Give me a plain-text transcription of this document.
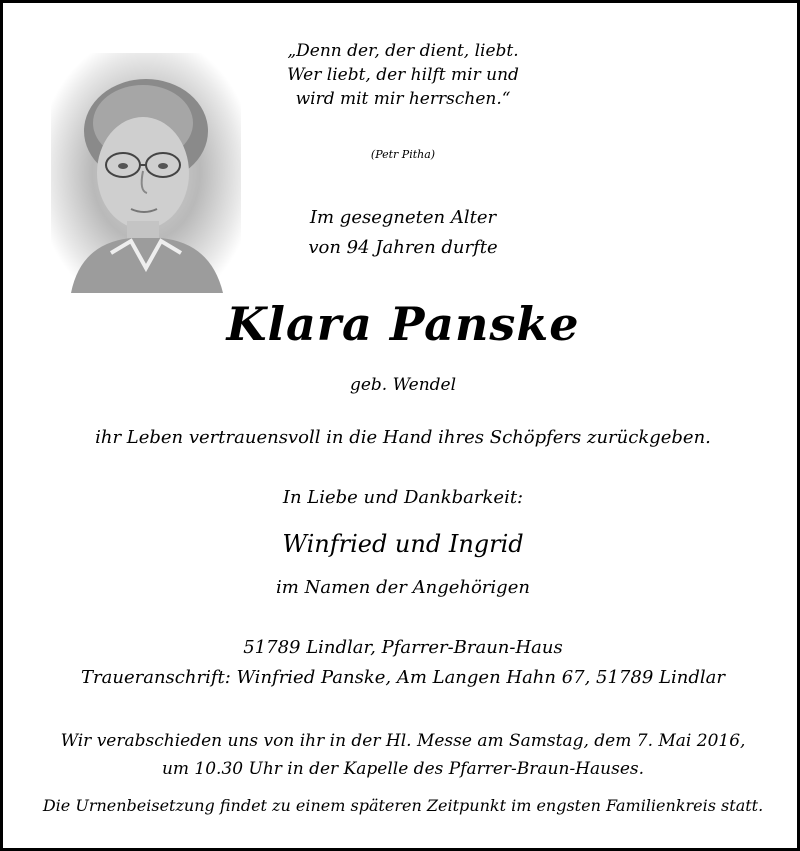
„Denn der, der dient, liebt.
Wer liebt, der hilft mir und
wird mit mir herrschen.“
(Petr Pitha)
Im gesegneten Alter
von 94 Jahren durfte
Klara Panske
geb. Wendel
ihr Leben vertrauensvoll in die Hand ihres Schöpfers zurückgeben.
In Liebe und Dankbarkeit:
Winfried und Ingrid
im Namen der Angehörigen
51789 Lindlar, Pfarrer-Braun-Haus
Traueranschrift: Winfried Panske, Am Langen Hahn 67, 51789 Lindlar
Wir verabschieden uns von ihr in der Hl. Messe am Samstag, dem 7. Mai 2016,
um 10.30 Uhr in der Kapelle des Pfarrer-Braun-Hauses.
Die Urnenbeisetzung findet zu einem späteren Zeitpunkt im engsten Familienkreis statt.
